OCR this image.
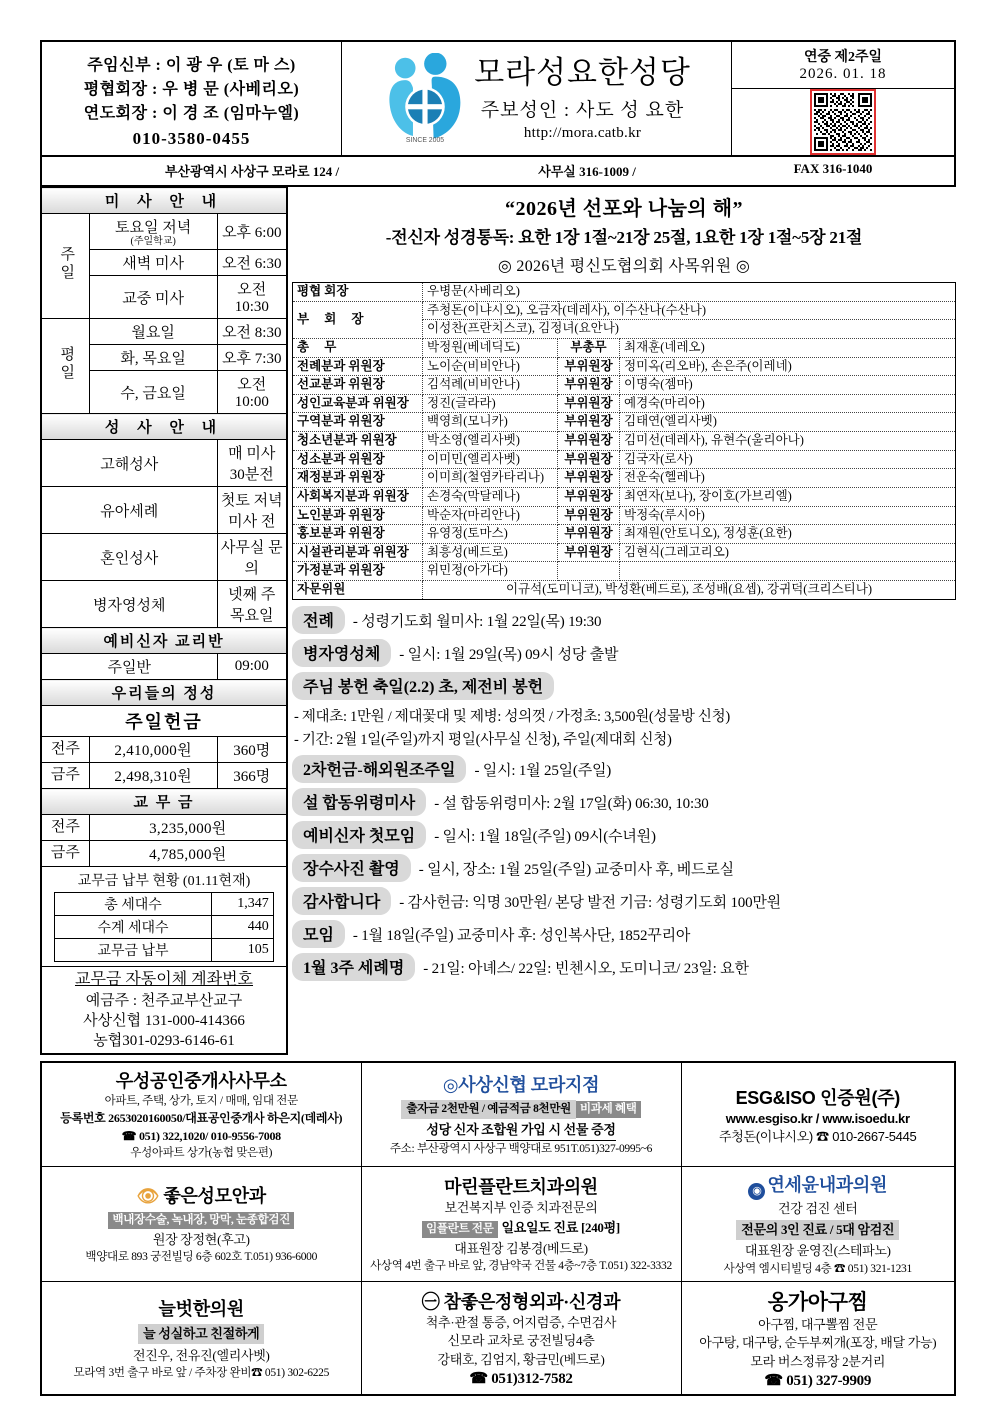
주임신부 : 이 광 우 (토 마 스)
평협회장 : 우 병 문 (사베리오)
연도회장 : 이 경 조 (임마누엘)
010-3580-0455	SINCE 2005
모라성요한성당
주보성인 : 사도 성 요한
http://mora.catb.kr
연중 제2주일
2026. 01. 18
부산광역시 사상구 모라로 124 /	사무실 316-1009 /	FAX 316-1040
미 사 안 내
주일	토요일 저녁
(주일학교)
	오후 6:00
새벽 미사	오전 6:30
교중 미사	오전 10:30
평일	월요일	오전 8:30
화, 목요일	오후 7:30
수, 금요일	오전 10:00
성 사 안 내
고해성사	매 미사 30분전
유아세례	첫토 저녁미사 전
혼인성사	사무실 문의
병자영성체	넷째 주 목요일
예비신자 교리반
주일반	09:00
우리들의 정성
주일헌금
전주	2,410,000원	360명
금주	2,498,310원	366명
교 무 금
전주	3,235,000원
금주	4,785,000원

교무금 납부 현황 (01.11현재)
총 세대수	1,347
수계 세대수	440
교무금 납부	105

교무금 자동이체 계좌번호
예금주 : 천주교부산교구
사상신협 131-000-414366
농협301-0293-6146-61
“2026년 선포와 나눔의 해”
-전신자 성경통독: 요한 1장 1절~21장 25절, 1요한 1장 1절~5장 21절
◎ 2026년 평신도협의회 사목위원 ◎
평협 회장	우병문(사베리오)		
부 회 장	주청돈(이냐시오), 오금자(데레사), 이수산나(수산나)		
	이성찬(프란치스코), 김정녀(요안나)		
총 무	박정원(베네딕도)	부총무	최재훈(네레오)
전례분과 위원장	노이순(비비안나)	부위원장	정미옥(리오바), 손은주(이레네)
선교분과 위원장	김석례(비비안나)	부위원장	이명숙(젬마)
성인교육분과 위원장	정진(글라라)	부위원장	예경숙(마리아)
구역분과 위원장	백영희(모니카)	부위원장	김태연(엘리사벳)
청소년분과 위원장	박소영(엘리사벳)	부위원장	김미선(데레사), 유현수(울리아나)
성소분과 위원장	이미민(엘리사벳)	부위원장	김국자(로사)
재정분과 위원장	이미희(철염카타리나)	부위원장	전운숙(헬레나)
사회복지분과 위원장	손경숙(막달레나)	부위원장	최연자(보나), 장이호(가브리엘)
노인분과 위원장	박순자(마리안나)	부위원장	박정숙(루시아)
홍보분과 위원장	유영정(토마스)	부위원장	최재원(안토니오), 정성훈(요한)
시설관리분과 위원장	최흥성(베드로)	부위원장	김현식(그레고리오)
가정분과 위원장	위민정(아가다)		
자문위원	이규석(도미니코), 박성환(베드로), 조성배(요셉), 강귀덕(크리스티나)		
전례	- 성령기도회 월미사: 1월 22일(목) 19:30
병자영성체	- 일시: 1월 29일(목) 09시 성당 출발
주님 봉헌 축일(2.2) 초, 제전비 봉헌
- 제대초: 1만원 / 제대꽃대 및 제병: 성의껏 / 가정초: 3,500원(성물방 신청)
- 기간: 2월 1일(주일)까지 평일(사무실 신청), 주일(제대회 신청)
2차헌금-해외원조주일	- 일시: 1월 25일(주일)
설 합동위령미사	- 설 합동위령미사: 2월 17일(화) 06:30, 10:30
예비신자 첫모임	- 일시: 1월 18일(주일) 09시(수녀원)
장수사진 촬영	- 일시, 장소: 1월 25일(주일) 교중미사 후, 베드로실
감사합니다	- 감사헌금: 익명 30만원/ 본당 발전 기금: 성령기도회 100만원
모임	- 1월 18일(주일) 교중미사 후: 성인복사단, 1852꾸리아
1월 3주 세례명	- 21일: 아녜스/ 22일: 빈첸시오, 도미니코/ 23일: 요한
우성공인중개사사무소
아파트, 주택, 상가, 토지 / 매매, 임대 전문
등록번호 2653020160050/대표공인중개사 하은지(데레사)
☎ 051) 322,1020/ 010-9556-7008
우성아파트 상가(농협 맞은편)

◎사상신협 모라지점
출자금 2천만원 / 예금적금 8천만원 비과세 혜택
성당 신자 조합원 가입 시 선물 증정
주소: 부산광역시 사상구 백양대로 951T.051)327-0995~6

ESG&ISO 인증원(주)
www.esgiso.kr / www.isoedu.kr
주청돈(이냐시오) ☎ 010-2667-5445

👁 좋은성모안과
백내장수술, 녹내장, 망막, 눈종합검진
원장 장정현(후고)
백양대로 893 궁전빌딩 6층 602호 T.051) 936-6000

마린플란트치과의원
보건복지부 인증 치과전문의
임플란트 전문 일요일도 진료 [240평]
대표원장 김봉경(베드로)
사상역 4번 출구 바로 앞, 경남약국 건물 4층~7층 T.051) 322-3332

◉ 연세윤내과의원
건강 검진 센터
전문의 3인 진료 / 5대 암검진
대표원장 윤영진(스테파노)
사상역 엠시티빌딩 4층 ☎ 051) 321-1231

늘벗한의원
늘 성실하고 친절하게
전진우, 전유진(엘리사벳)
모라역 3번 출구 바로 앞 / 주차장 완비☎ 051) 302-6225

㊀ 참좋은정형외과·신경과
척추·관절 통증, 어지럼증, 수면검사
신모라 교차로 궁전빌딩4층
강태호, 김엄지, 황금민(베드로)
☎ 051)312-7582

옹가아구찜
아구찜, 대구뽈찜 전문
아구탕, 대구탕, 순두부찌개(포장, 배달 가능)
모라 버스정류장 2분거리
☎ 051) 327-9909
